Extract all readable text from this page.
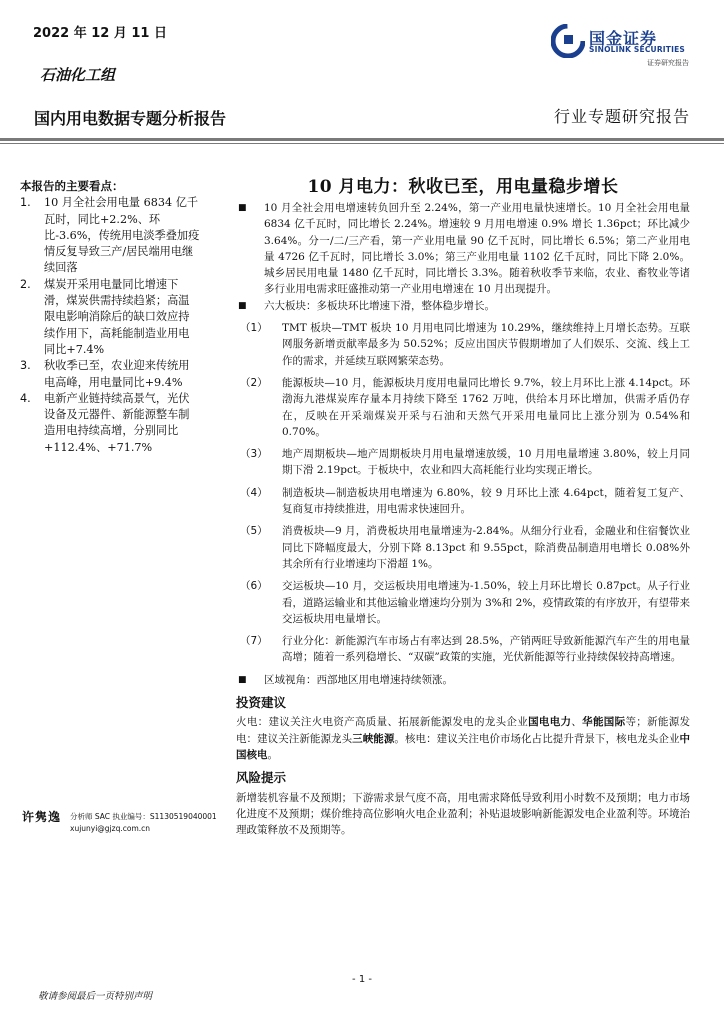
2022 年 12 月 11 日	国金证券
SINOLINK SECURITIES
证券研究报告
石油化工组
国内用电数据专题分析报告	行业专题研究报告
本报告的主要看点：
1. 10 月全社会用电量 6834 亿千瓦时，同比+2.2%、环比-3.6%，传统用电淡季叠加疫情反复导致三产/居民端用电继续回落
2. 煤炭开采用电量同比增速下滑，煤炭供需持续趋紧；高温限电影响消除后的缺口效应持续作用下，高耗能制造业用电同比+7.4%
3. 秋收季已至，农业迎来传统用电高峰，用电量同比+9.4%
4. 电新产业链持续高景气，光伏设备及元器件、新能源整车制造用电持续高增，分别同比+112.4%、+71.7%
许隽逸 分析师 SAC 执业编号：S1130519040001
xujunyi@gjzq.com.cn
10 月电力：秋收已至，用电量稳步增长
■ 10 月全社会用电增速转负回升至 2.24%，第一产业用电量快速增长。10 月全社会用电量 6834 亿千瓦时，同比增长 2.24%。增速较 9 月用电增速 0.9% 增长 1.36pct；环比减少 3.64%。分一/二/三产看，第一产业用电量 90 亿千瓦时，同比增长 6.5%；第二产业用电量 4726 亿千瓦时，同比增长 3.0%；第三产业用电量 1102 亿千瓦时，同比下降 2.0%。城乡居民用电量 1480 亿千瓦时，同比增长 3.3%。随着秋收季节来临，农业、畜牧业等诸多行业用电需求旺盛推动第一产业用电增速在 10 月出现提升。
■ 六大板块：多板块环比增速下滑，整体稳步增长。
（1） TMT 板块—TMT 板块 10 月用电同比增速为 10.29%，继续维持上月增长态势。互联网服务新增贡献率最多为 50.52%；反应出国庆节假期增加了人们娱乐、交流、线上工作的需求，并延续互联网繁荣态势。
（2） 能源板块—10 月，能源板块月度用电量同比增长 9.7%，较上月环比上涨 4.14pct。环渤海九港煤炭库存量本月持续下降至 1762 万吨，供给本月环比增加，供需矛盾仍存在，反映在开采端煤炭开采与石油和天然气开采用电量同比上涨分别为 0.54%和 0.70%。
（3） 地产周期板块—地产周期板块月用电量增速放缓，10 月用电量增速 3.80%，较上月同期下滑 2.19pct。于板块中，农业和四大高耗能行业均实现正增长。
（4） 制造板块—制造板块用电增速为 6.80%，较 9 月环比上涨 4.64pct，随着复工复产、复商复市持续推进，用电需求快速回升。
（5） 消费板块—9 月，消费板块用电量增速为-2.84%。从细分行业看，金融业和住宿餐饮业同比下降幅度最大，分别下降 8.13pct 和 9.55pct，除消费品制造用电增长 0.08%外其余所有行业增速均下滑超 1%。
（6） 交运板块—10 月，交运板块用电增速为-1.50%，较上月环比增长 0.87pct。从子行业看，道路运输业和其他运输业增速均分别为 3%和 2%，疫情政策的有序放开，有望带来交运板块用电量增长。
（7） 行业分化：新能源汽车市场占有率达到 28.5%，产销两旺导致新能源汽车产生的用电量高增；随着一系列稳增长、“双碳”政策的实施，光伏新能源等行业持续保较持高增速。
■ 区域视角：西部地区用电增速持续领涨。
投资建议
火电：建议关注火电资产高质量、拓展新能源发电的龙头企业国电电力、华能国际等；新能源发电：建议关注新能源龙头三峡能源。核电：建议关注电价市场化占比提升背景下，核电龙头企业中国核电。
风险提示
新增装机容量不及预期；下游需求景气度不高，用电需求降低导致利用小时数不及预期；电力市场化进度不及预期；煤价维持高位影响火电企业盈利；补贴退坡影响新能源发电企业盈利等。环境治理政策释放不及预期等。
- 1 -
敬请参阅最后一页特别声明
